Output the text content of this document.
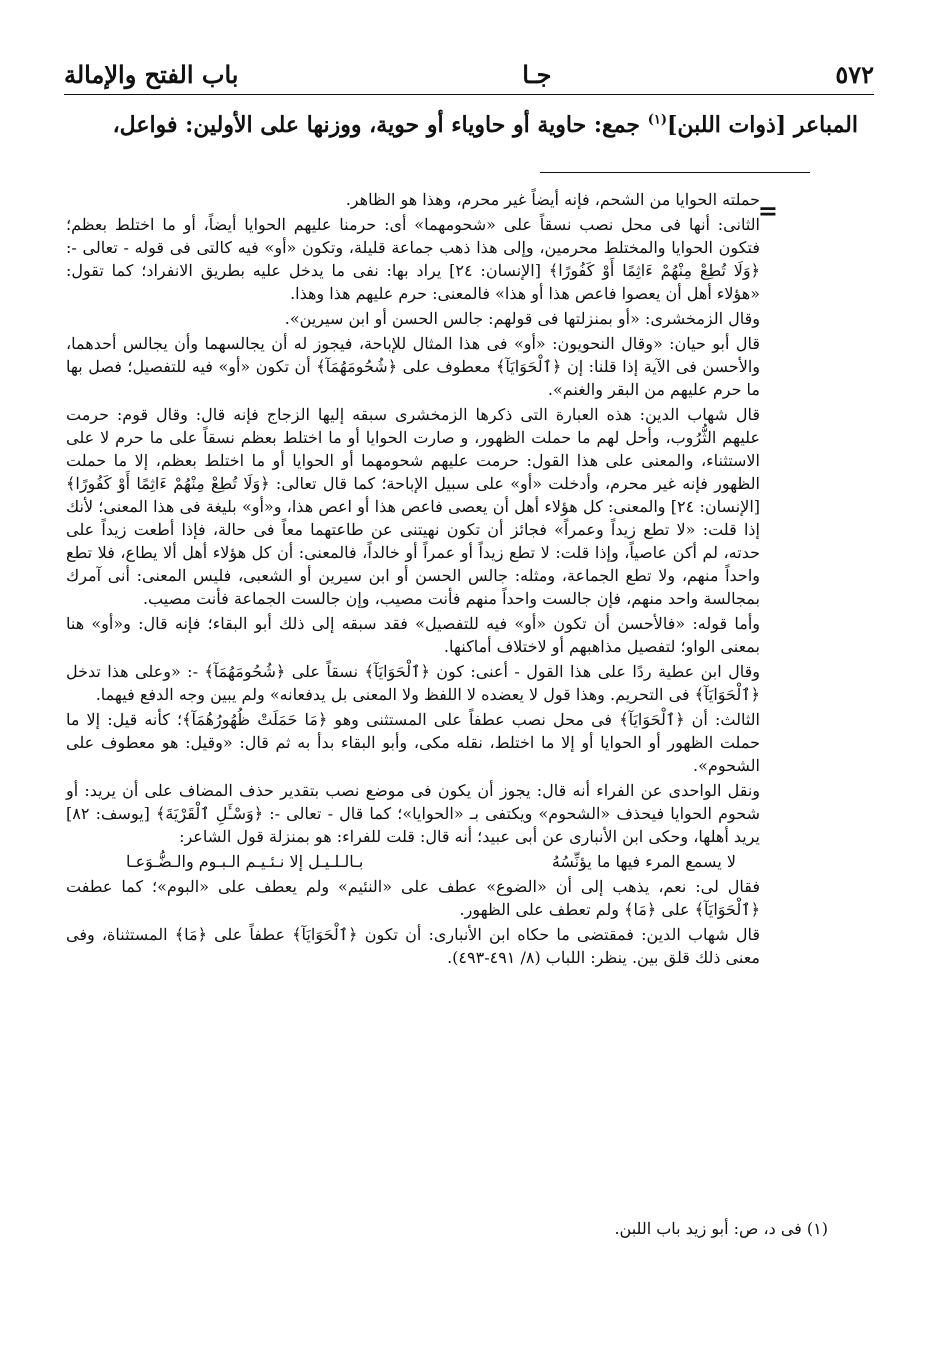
٥٧٢
جـا
باب الفتح والإمالة
المباعر [ذوات اللبن]$^{(١)}$ جمع: حاوية أو حاوياء أو حوية، ووزنها على الأولين: فواعل،
=

حملته الحوايا من الشحم، فإنه أيضاً غير محرم، وهذا هو الظاهر.

الثانى: أنها فى محل نصب نسقاً على «شحومهما» أى: حرمنا عليهم الحوايا أيضاً، أو ما اختلط بعظم؛ فتكون الحوايا والمختلط محرمين، وإلى هذا ذهب جماعة قليلة، وتكون «أو» فيه كالتى فى قوله - تعالى -: ﴿وَلَا تُطِعْ مِنْهُمْ ءَاثِمًا أَوْ كَفُورًا﴾ [الإنسان: ٢٤] يراد بها: نفى ما يدخل عليه بطريق الانفراد؛ كما تقول: «هؤلاء أهل أن يعصوا فاعص هذا أو هذا» فالمعنى: حرم عليهم هذا وهذا.

وقال الزمخشرى: «أو بمنزلتها فى قولهم: جالس الحسن أو ابن سيرين».

قال أبو حيان: «وقال النحويون: «أو» فى هذا المثال للإباحة، فيجوز له أن يجالسهما وأن يجالس أحدهما، والأحسن فى الآية إذا قلنا: إن ﴿ٱلْحَوَايَآ﴾ معطوف على ﴿شُحُومَهُمَآ﴾ أن تكون «أو» فيه للتفصيل؛ فصل بها ما حرم عليهم من البقر والغنم».

قال شهاب الدين: هذه العبارة التى ذكرها الزمخشرى سبقه إليها الزجاج فإنه قال: وقال قوم: حرمت عليهم الثُّرُوب، وأحل لهم ما حملت الظهور، و صارت الحوايا أو ما اختلط بعظم نسقاً على ما حرم لا على الاستثناء، والمعنى على هذا القول: حرمت عليهم شحومهما أو الحوايا أو ما اختلط بعظم، إلا ما حملت الظهور فإنه غير محرم، وأدخلت «أو» على سبيل الإباحة؛ كما قال تعالى: ﴿وَلَا تُطِعْ مِنْهُمْ ءَاثِمًا أَوْ كَفُورًا﴾ [الإنسان: ٢٤] والمعنى: كل هؤلاء أهل أن يعصى فاعص هذا أو اعص هذا، و«أو» بليغة فى هذا المعنى؛ لأنك إذا قلت: «لا تطع زيداً وعمراً» فجائز أن تكون نهيتنى عن طاعتهما معاً فى حالة، فإذا أطعت زيداً على حدته، لم أكن عاصياً، وإذا قلت: لا تطع زيداً أو عمراً أو خالداً، فالمعنى: أن كل هؤلاء أهل ألا يطاع، فلا تطع واحداً منهم، ولا تطع الجماعة، ومثله: جالس الحسن أو ابن سيرين أو الشعبى، فليس المعنى: أنى آمرك بمجالسة واحد منهم، فإن جالست واحداً منهم فأنت مصيب، وإن جالست الجماعة فأنت مصيب.

وأما قوله: «فالأحسن أن تكون «أو» فيه للتفصيل» فقد سبقه إلى ذلك أبو البقاء؛ فإنه قال: و«أو» هنا بمعنى الواو؛ لتفصيل مذاهبهم أو لاختلاف أماكنها.

وقال ابن عطية ردًا على هذا القول - أعنى: كون ﴿ٱلْحَوَايَآ﴾ نسقاً على ﴿شُحُومَهُمَآ﴾ -: «وعلى هذا تدخل ﴿ٱلْحَوَايَآ﴾ فى التحريم. وهذا قول لا يعضده لا اللفظ ولا المعنى بل يدفعانه» ولم يبين وجه الدفع فيهما.

الثالث: أن ﴿ٱلْحَوَايَآ﴾ فى محل نصب عطفاً على المستثنى وهو ﴿مَا حَمَلَتْ ظُهُورُهُمَآ﴾؛ كأنه قيل: إلا ما حملت الظهور أو الحوايا أو إلا ما اختلط، نقله مكى، وأبو البقاء بدأ به ثم قال: «وقيل: هو معطوف على الشحوم».

ونقل الواحدى عن الفراء أنه قال: يجوز أن يكون فى موضع نصب بتقدير حذف المضاف على أن يريد: أو شحوم الحوايا فيحذف «الشحوم» ويكتفى بـ «الحوايا»؛ كما قال - تعالى -: ﴿وَسْـَٔلِ ٱلْقَرْيَةَ﴾ [يوسف: ٨٢] يريد أهلها، وحكى ابن الأنبارى عن أبى عبيد؛ أنه قال: قلت للفراء: هو بمنزلة قول الشاعر:

لا يسمع المرء فيها ما يؤنِّسُهُ
بـالـلـيـل إلا نـئـيـم الـبـوم والـضُّـوَعـا

فقال لى: نعم، يذهب إلى أن «الضوع» عطف على «النئيم» ولم يعطف على «البوم»؛ كما عطفت ﴿ٱلْحَوَايَآ﴾ على ﴿مَا﴾ ولم تعطف على الظهور.

قال شهاب الدين: فمقتضى ما حكاه ابن الأنبارى: أن تكون ﴿ٱلْحَوَايَآ﴾ عطفاً على ﴿مَا﴾ المستثناة، وفى معنى ذلك قلق بين. ينظر: اللباب (٨/ ٤٩١-٤٩٣).

(١) فى د، ص: أبو زيد باب اللبن.
